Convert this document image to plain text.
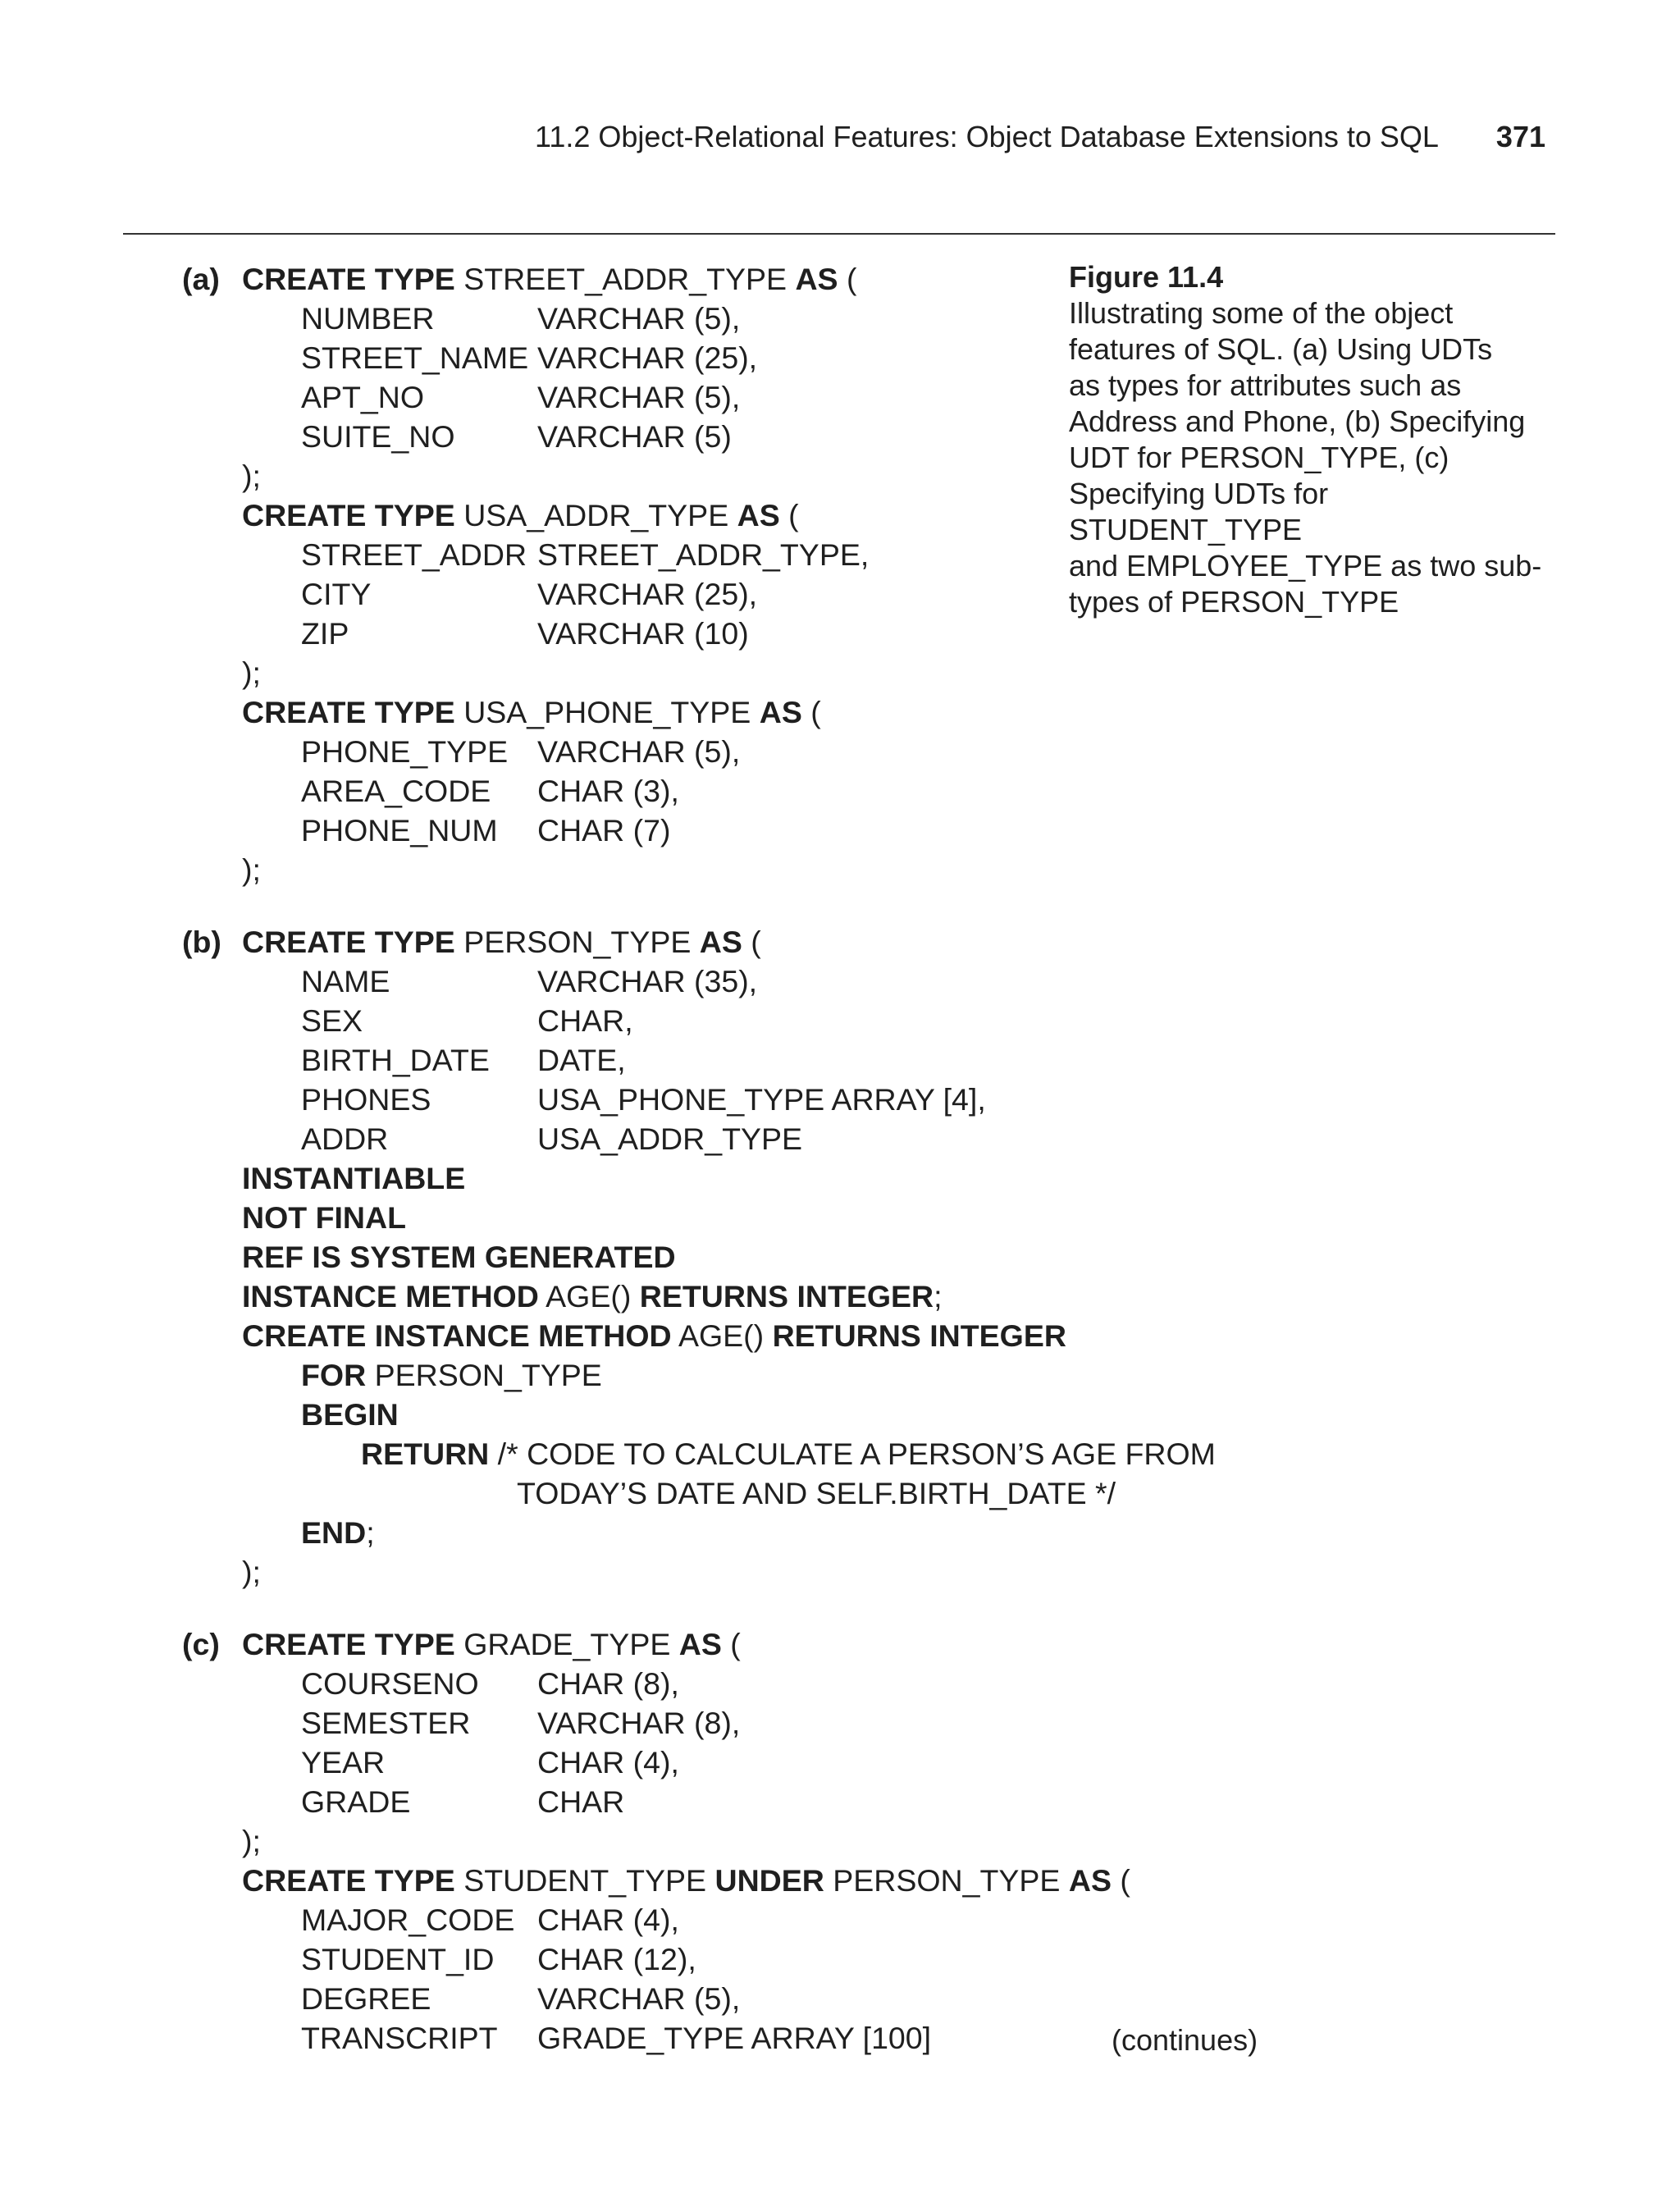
11.2 Object-Relational Features: Object Database Extensions to SQL 371
Figure 11.4
Illustrating some of the object
features of SQL. (a) Using UDTs
as types for attributes such as
Address and Phone, (b) Specifying
UDT for PERSON_TYPE, (c)
Specifying UDTs for STUDENT_TYPE
and EMPLOYEE_TYPE as two sub-
types of PERSON_TYPE
(a) CREATE TYPE STREET_ADDR_TYPE AS (
NUMBER	VARCHAR (5),
STREET_NAME VARCHAR (25),
APT_NO	VARCHAR (5),
SUITE_NO	VARCHAR (5)
);
CREATE TYPE USA_ADDR_TYPE AS (
STREET_ADDR STREET_ADDR_TYPE,
CITY	VARCHAR (25),
ZIP	VARCHAR (10)
);
CREATE TYPE USA_PHONE_TYPE AS (
PHONE_TYPE VARCHAR (5),
AREA_CODE CHAR (3),
PHONE_NUM CHAR (7)
);
(b) CREATE TYPE PERSON_TYPE AS (
NAME	VARCHAR (35),
SEX	CHAR,
BIRTH_DATE DATE,
PHONES	USA_PHONE_TYPE ARRAY [4],
ADDR	USA_ADDR_TYPE
INSTANTIABLE
NOT FINAL
REF IS SYSTEM GENERATED
INSTANCE METHOD AGE() RETURNS INTEGER;
CREATE INSTANCE METHOD AGE() RETURNS INTEGER
FOR PERSON_TYPE
BEGIN
RETURN /* CODE TO CALCULATE A PERSON’S AGE FROM
TODAY’S DATE AND SELF.BIRTH_DATE */
END;
);
(c) CREATE TYPE GRADE_TYPE AS (
COURSENO CHAR (8),
SEMESTER VARCHAR (8),
YEAR	CHAR (4),
GRADE	CHAR
);
CREATE TYPE STUDENT_TYPE UNDER PERSON_TYPE AS (
MAJOR_CODE CHAR (4),
STUDENT_ID CHAR (12),
DEGREE	VARCHAR (5),
TRANSCRIPT GRADE_TYPE ARRAY [100]	(continues)
